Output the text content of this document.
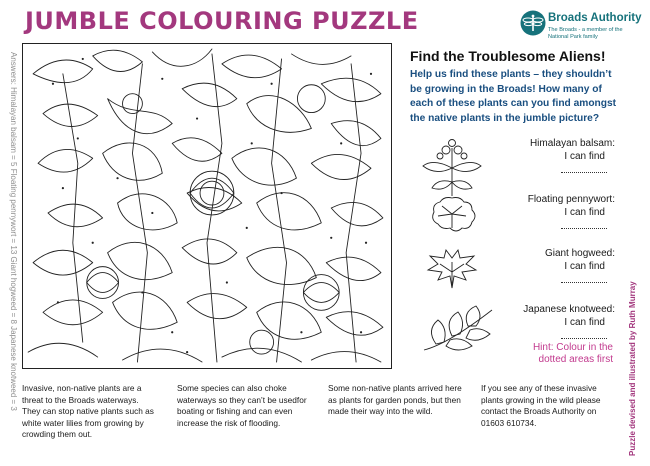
JUMBLE COLOURING PUZZLE	Broads Authority
The Broads - a member of the National Park family
Answers: Himalayan balsam = 5 Floating pennywort = 13 Giant hogweed = 8 Japanese knotweed = 3	Puzzle devised and illustrated by Ruth Murray
Find the Troublesome Aliens!
Help us find these plants – they shouldn’t be growing in the Broads! How many of each of these plants can you find amongst the native plants in the jumble picture?
Himalayan balsam:
I can find
Floating pennywort:
I can find
Giant hogweed:
I can find
Japanese knotweed:
I can find
Hint: Colour in the dotted areas first
Invasive, non-native plants are a threat to the Broads waterways. They can stop native plants such as white water lilies from growing by crowding them out.
Some species can also choke waterways so they can’t be usedfor boating or fishing and can even increase the risk of flooding.
Some non-native plants arrived here as plants for garden ponds, but then made their way into the wild.
If you see any of these invasive plants growing in the wild please contact the Broads Authority on 01603 610734.
